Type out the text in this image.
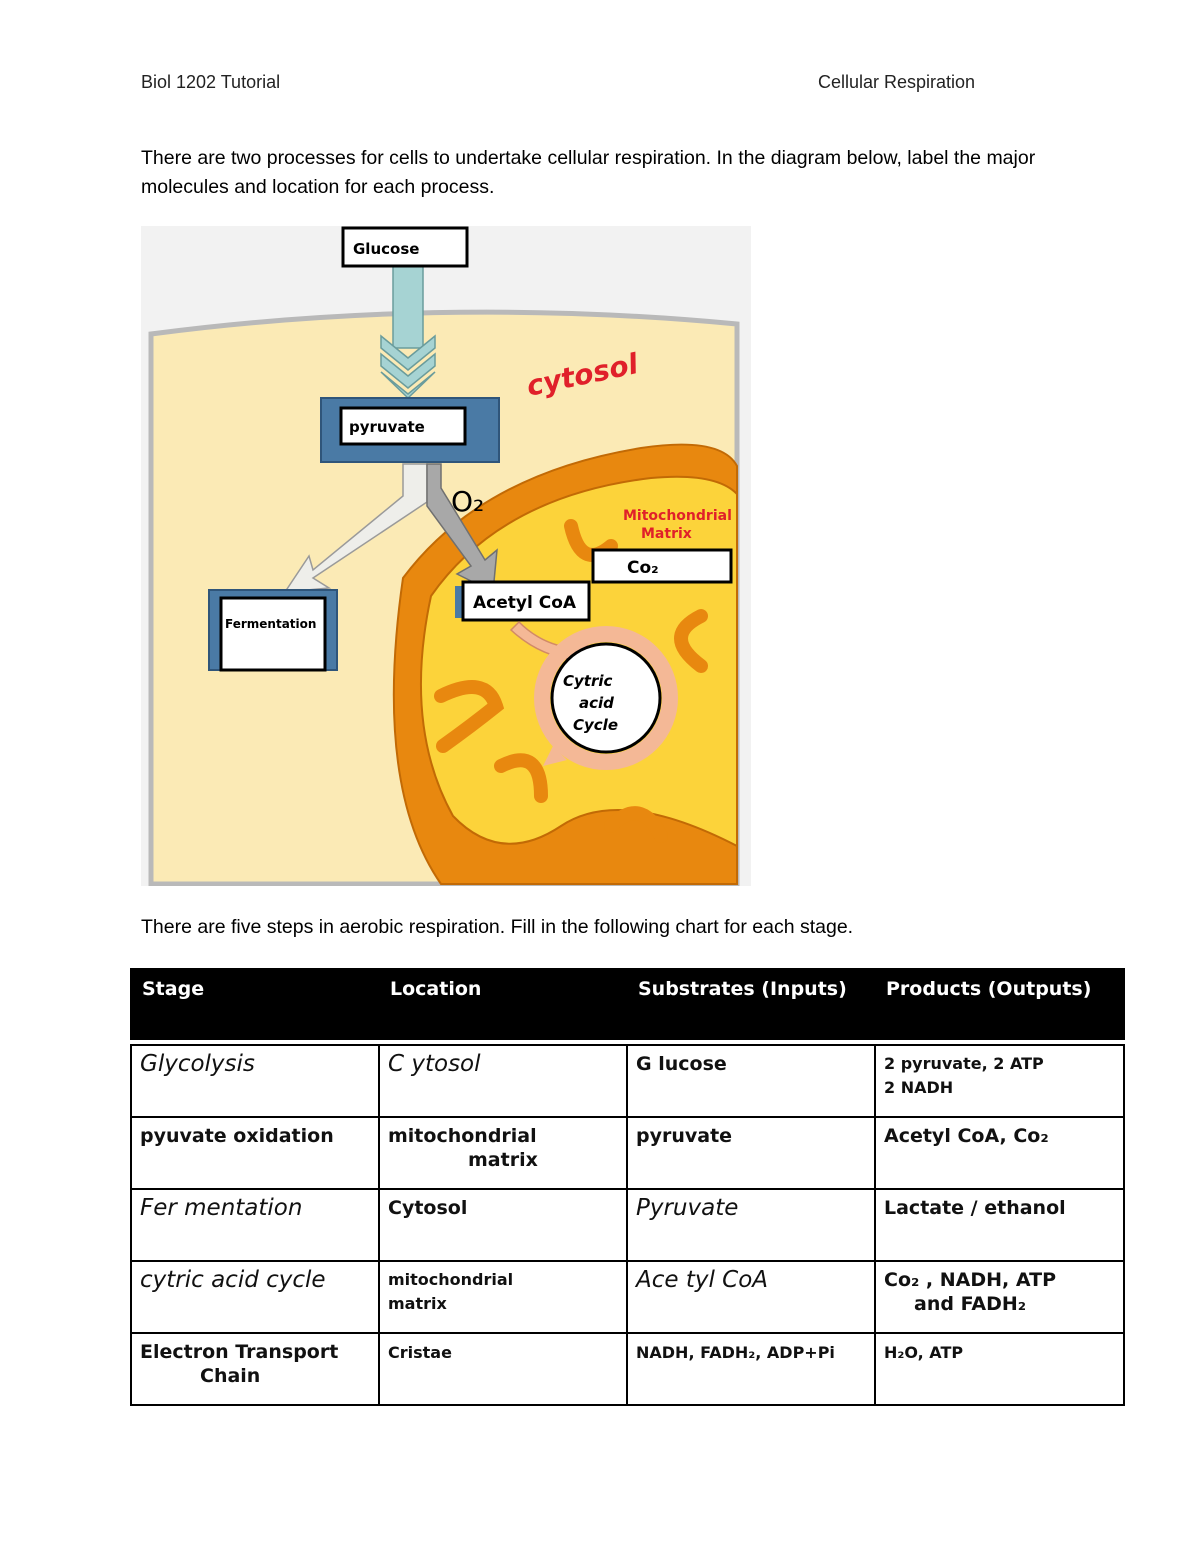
Biol 1202 Tutorial	Cellular Respiration
There are two processes for cells to undertake cellular respiration. In the diagram below, label the major molecules and location for each process.
Glucose
pyruvate
O₂
cytosol
Mitochondrial
Matrix
Co₂
Acetyl CoA
Cytric
acid
Cycle
Fermentation
There are five steps in aerobic respiration. Fill in the following chart for each stage.
Stage	Location	Substrates (Inputs)	Products (Outputs)

Glycolysis	C ytosol	G lucose	2 pyruvate, 2 ATP
2 NADH

pyuvate oxidation	mitochondrial
matrix	pyruvate	Acetyl CoA, Co₂
Fer mentation	Cytosol	Pyruvate	Lactate / ethanol
cytric acid cycle	mitochondrial
matrix	Ace tyl CoA	Co₂ , NADH, ATP
and FADH₂

Electron Transport
Chain	Cristae	NADH, FADH₂, ADP+Pi	H₂O, ATP
